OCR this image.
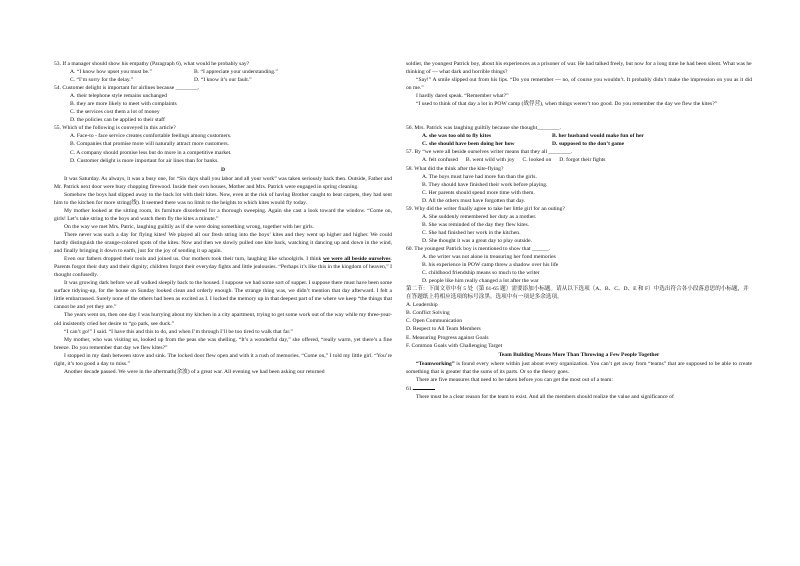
53. If a manager should show his empathy (Paragraph 6), what would he probably say?

A. “I know how upset you must be.”	B. “I appreciate your understanding.”
C. “I’m sorry for the delay.”	D. “I know it’s our fault.”

54. Customer delight is important for airlines because ________.

A. their telephone style remains unchanged

B. they are more likely to meet with complaints

C. the services cost them a lot of money

D. the policies can be applied to their staff

55. Which of the following is conveyed in this article?

A. Face-to - face service creates comfortable feelings among customers.

B. Companies that promise more will naturally attract more customers.

C. A company should promise less but do more in a competitive market.

D. Customer delight is more important for air lines than for banks.

D

It was Saturday. As always, it was a busy one, for “Six days shall you labor and all your work” was taken seriously back then. Outside, Father and Mr. Patrick next door were busy chopping firewood. Inside their own houses, Mother and Mrs. Patrick were engaged in spring cleaning.

Somehow the boys had slipped away to the back lot with their kites. Now, even at the risk of having Brother caught to beat carpets, they had sent him to the kitchen for more string(线). It seemed there was no limit to the heights to which kites would fly today.

My mother looked at the sitting room, its furniture disordered for a thorough sweeping. Again she cast a look toward the window. “Come on, girls! Let’s take string to the boys and watch them fly the kites a minute.”

On the way we met Mrs. Patric, laughing guiltily as if she were doing something wrong, together with her girls.

There never was such a day for flying kites! We played all our fresh string into the boys’ kites and they went up higher and higher. We could hardly distinguish the orange-colored spots of the kites. Now and then we slowly pulled one kite back, watching it dancing up and down in the wind, and finally bringing it down to earth, just for the joy of sending it up again.

Even our fathers dropped their tools and joined us. Our mothers took their turn, laughing like schoolgirls. I think we were all beside ourselves. Parents forgot their duty and their dignity; children forgot their everyday fights and little jealousies. “Perhaps it’s like this in the kingdom of heaven,” I thought confusedly.

It was growing dark before we all walked sleepily back to the housed. I suppose we had some sort of supper. I suppose there must have been some surface tidying-up, for the house on Sunday looked clean and orderly enough. The strange thing was, we didn’t mention that day afterward. I felt a little embarrassed. Surely none of the others had been as excited as I. I locked the memory up in that deepest part of me where we keep “the things that cannot be and yet they are.”

The years went on, then one day I was hurrying about my kitchen in a city apartment, trying to get some work out of the way while my three-year-old insistently cried her desire to “go park, see duck.”

“I can’t go!” I said. “I have this and this to do, and when I’m through I’ll be too tired to walk that far.”

My mother, who was visiting us, looked up from the peas she was shelling. “It’s a wonderful day,” she offered, “really warm, yet there’s a fine breeze. Do you remember that day we flew kites?”

I stopped in my dash between stove and sink. The locked door flew open and with it a rush of memories. “Come on,” I told my little girl. “You’re right, it’s too good a day to miss.”

Another decade passed. We were in the aftermath(余波) of a great war. All evening we had been asking our returned

soldier, the youngest Patrick boy, about his experiences as a prisoner of war. He had talked freely, but now for a long time he had been silent. What was he thinking of — what dark and horrible things?

“Say!” A smile slipped out from his lips. “Do you remember --- no, of course you wouldn’t. It probably didn’t make the impression on you as it did on me.”

I hardly dared speak. “Remember what?”

“I used to think of that day a lot in POW camp (战俘营), when things weren’t too good. Do you remember the day we flew the kites?”

56. Mrs. Patrick was laughing guiltily because she thought________.

A. she was too old to fly kites	B. her husband would make fun of her
C. she should have been doing her how	D. supposed to the don’t game

57. By “we were all beside ourselves writer means that they all ________.

A. felt confused B. went wild with joy C. looked on D. forgot their fights

58. What did the think after the kite-flying?

A. The boys must have had more fun than the girls.

B. They should have finished their work before playing.

C. Her parents should spend more time with them.

D. All the others must have forgotten that day.

59. Why did the writer finally agree to take her little girl for an outing?

A. She suddenly remembered her duty as a mother.

B. She was reminded of the day they flew kites.

C. She had finished her work in the kitchen.

D. She thought it was a great day to play outside.

60. The youngest Patrick boy is mentioned to show that ______.

A. the writer was not alone in treasuring her fond memories

B. his experience in POW camp threw a shadow over his life

C. childhood friendship means so much to the writer

D. people like him really changed a lot after the war

第二节：下面文章中有 5 处（第 61-65 题）需要添加小标题。请从以下选项（A、B、C、D、E 和 F）中选出符合各小段落意思的小标题，并在答题纸上将相应选项的标号涂黑。选项中有一项是多余选项。

A. Leadership

B. Conflict Solving

C. Open Communication

D. Respect to All Team Members

E. Measuring Progress against Goals

F. Common Goals with Challenging Target

Team Building Means More Than Throwing a Few People Together

“Teamworking” is found every where within just about every organization. You can’t get away from “teams” that are supposed to be able to create something that is greater that the sums of its parts. Or so the theory goes.

There are five measures that need to be taken before you can get the most out of a team:

61.

There must be a clear reason for the team to exist. And all the members should realize the value and significance of
